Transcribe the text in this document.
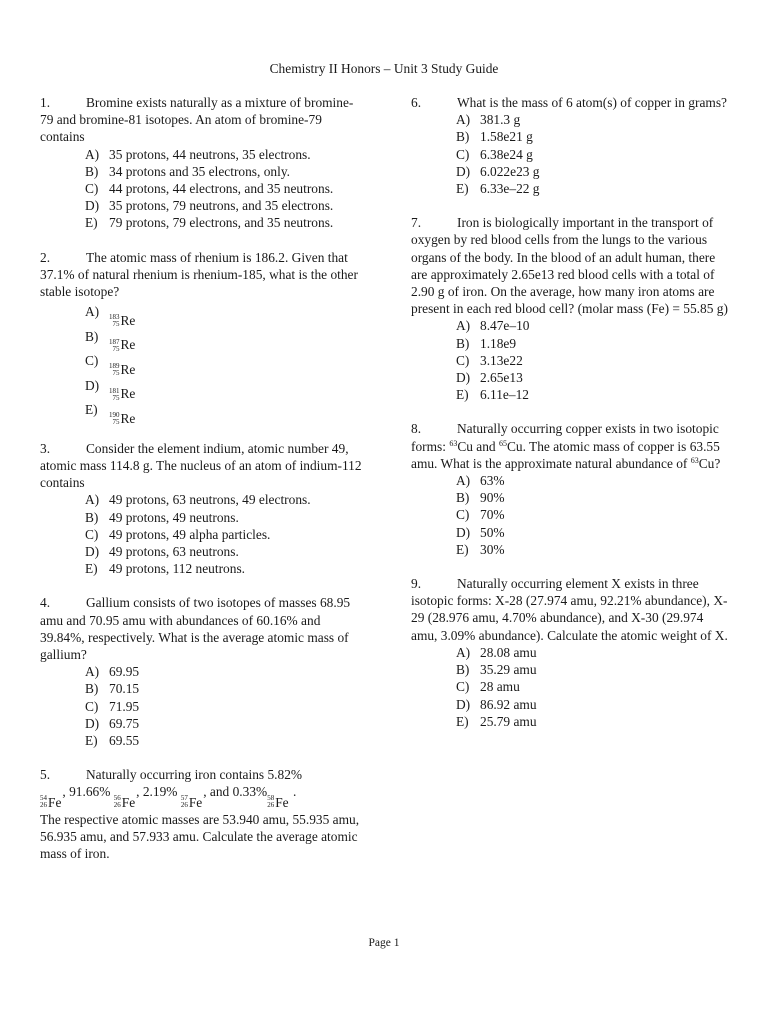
Chemistry II Honors – Unit 3 Study Guide

1.	Bromine exists naturally as a mixture of bromine-79 and bromine-81 isotopes. An atom of bromine-79 contains

A) 35 protons, 44 neutrons, 35 electrons.
B) 34 protons and 35 electrons, only.
C) 44 protons, 44 electrons, and 35 neutrons.
D) 35 protons, 79 neutrons, and 35 electrons.
E) 79 protons, 79 electrons, and 35 neutrons.

2.	The atomic mass of rhenium is 186.2. Given that 37.1% of natural rhenium is rhenium-185, what is the other stable isotope?

A) 183
75 Re
B) 187
75 Re
C) 189
75 Re
D) 181
75 Re
E) 190
75 Re

3.	Consider the element indium, atomic number 49, atomic mass 114.8 g. The nucleus of an atom of indium-112 contains

A) 49 protons, 63 neutrons, 49 electrons.
B) 49 protons, 49 neutrons.
C) 49 protons, 49 alpha particles.
D) 49 protons, 63 neutrons.
E) 49 protons, 112 neutrons.

4.	Gallium consists of two isotopes of masses 68.95 amu and 70.95 amu with abundances of 60.16% and 39.84%, respectively. What is the average atomic mass of gallium?

A) 69.95
B) 70.15
C) 71.95
D) 69.75
E) 69.55

5.	Naturally occurring iron contains 5.82%

54
26 Fe
, 91.66% 56
26 Fe
, 2.19% 57
26 Fe
, and 0.33% 58
26 Fe
.
The respective atomic masses are 53.940 amu, 55.935 amu, 56.935 amu, and 57.933 amu. Calculate the average atomic mass of iron.

6.	What is the mass of 6 atom(s) of copper in grams?

A) 381.3 g
B) 1.58e21 g
C) 6.38e24 g
D) 6.022e23 g
E) 6.33e–22 g

7.	Iron is biologically important in the transport of oxygen by red blood cells from the lungs to the various organs of the body. In the blood of an adult human, there are approximately 2.65e13 red blood cells with a total of 2.90 g of iron. On the average, how many iron atoms are present in each red blood cell? (molar mass (Fe) = 55.85 g)

A) 8.47e–10
B) 1.18e9
C) 3.13e22
D) 2.65e13
E) 6.11e–12

8.	Naturally occurring copper exists in two isotopic forms: $^{63}$Cu and $^{65}$Cu. The atomic mass of copper is 63.55 amu. What is the approximate natural abundance of $^{63}$Cu?

A) 63%
B) 90%
C) 70%
D) 50%
E) 30%

9.	Naturally occurring element X exists in three isotopic forms: X-28 (27.974 amu, 92.21% abundance), X-29 (28.976 amu, 4.70% abundance), and X-30 (29.974 amu, 3.09% abundance). Calculate the atomic weight of X.

A) 28.08 amu
B) 35.29 amu
C) 28 amu
D) 86.92 amu
E) 25.79 amu
Page 1
